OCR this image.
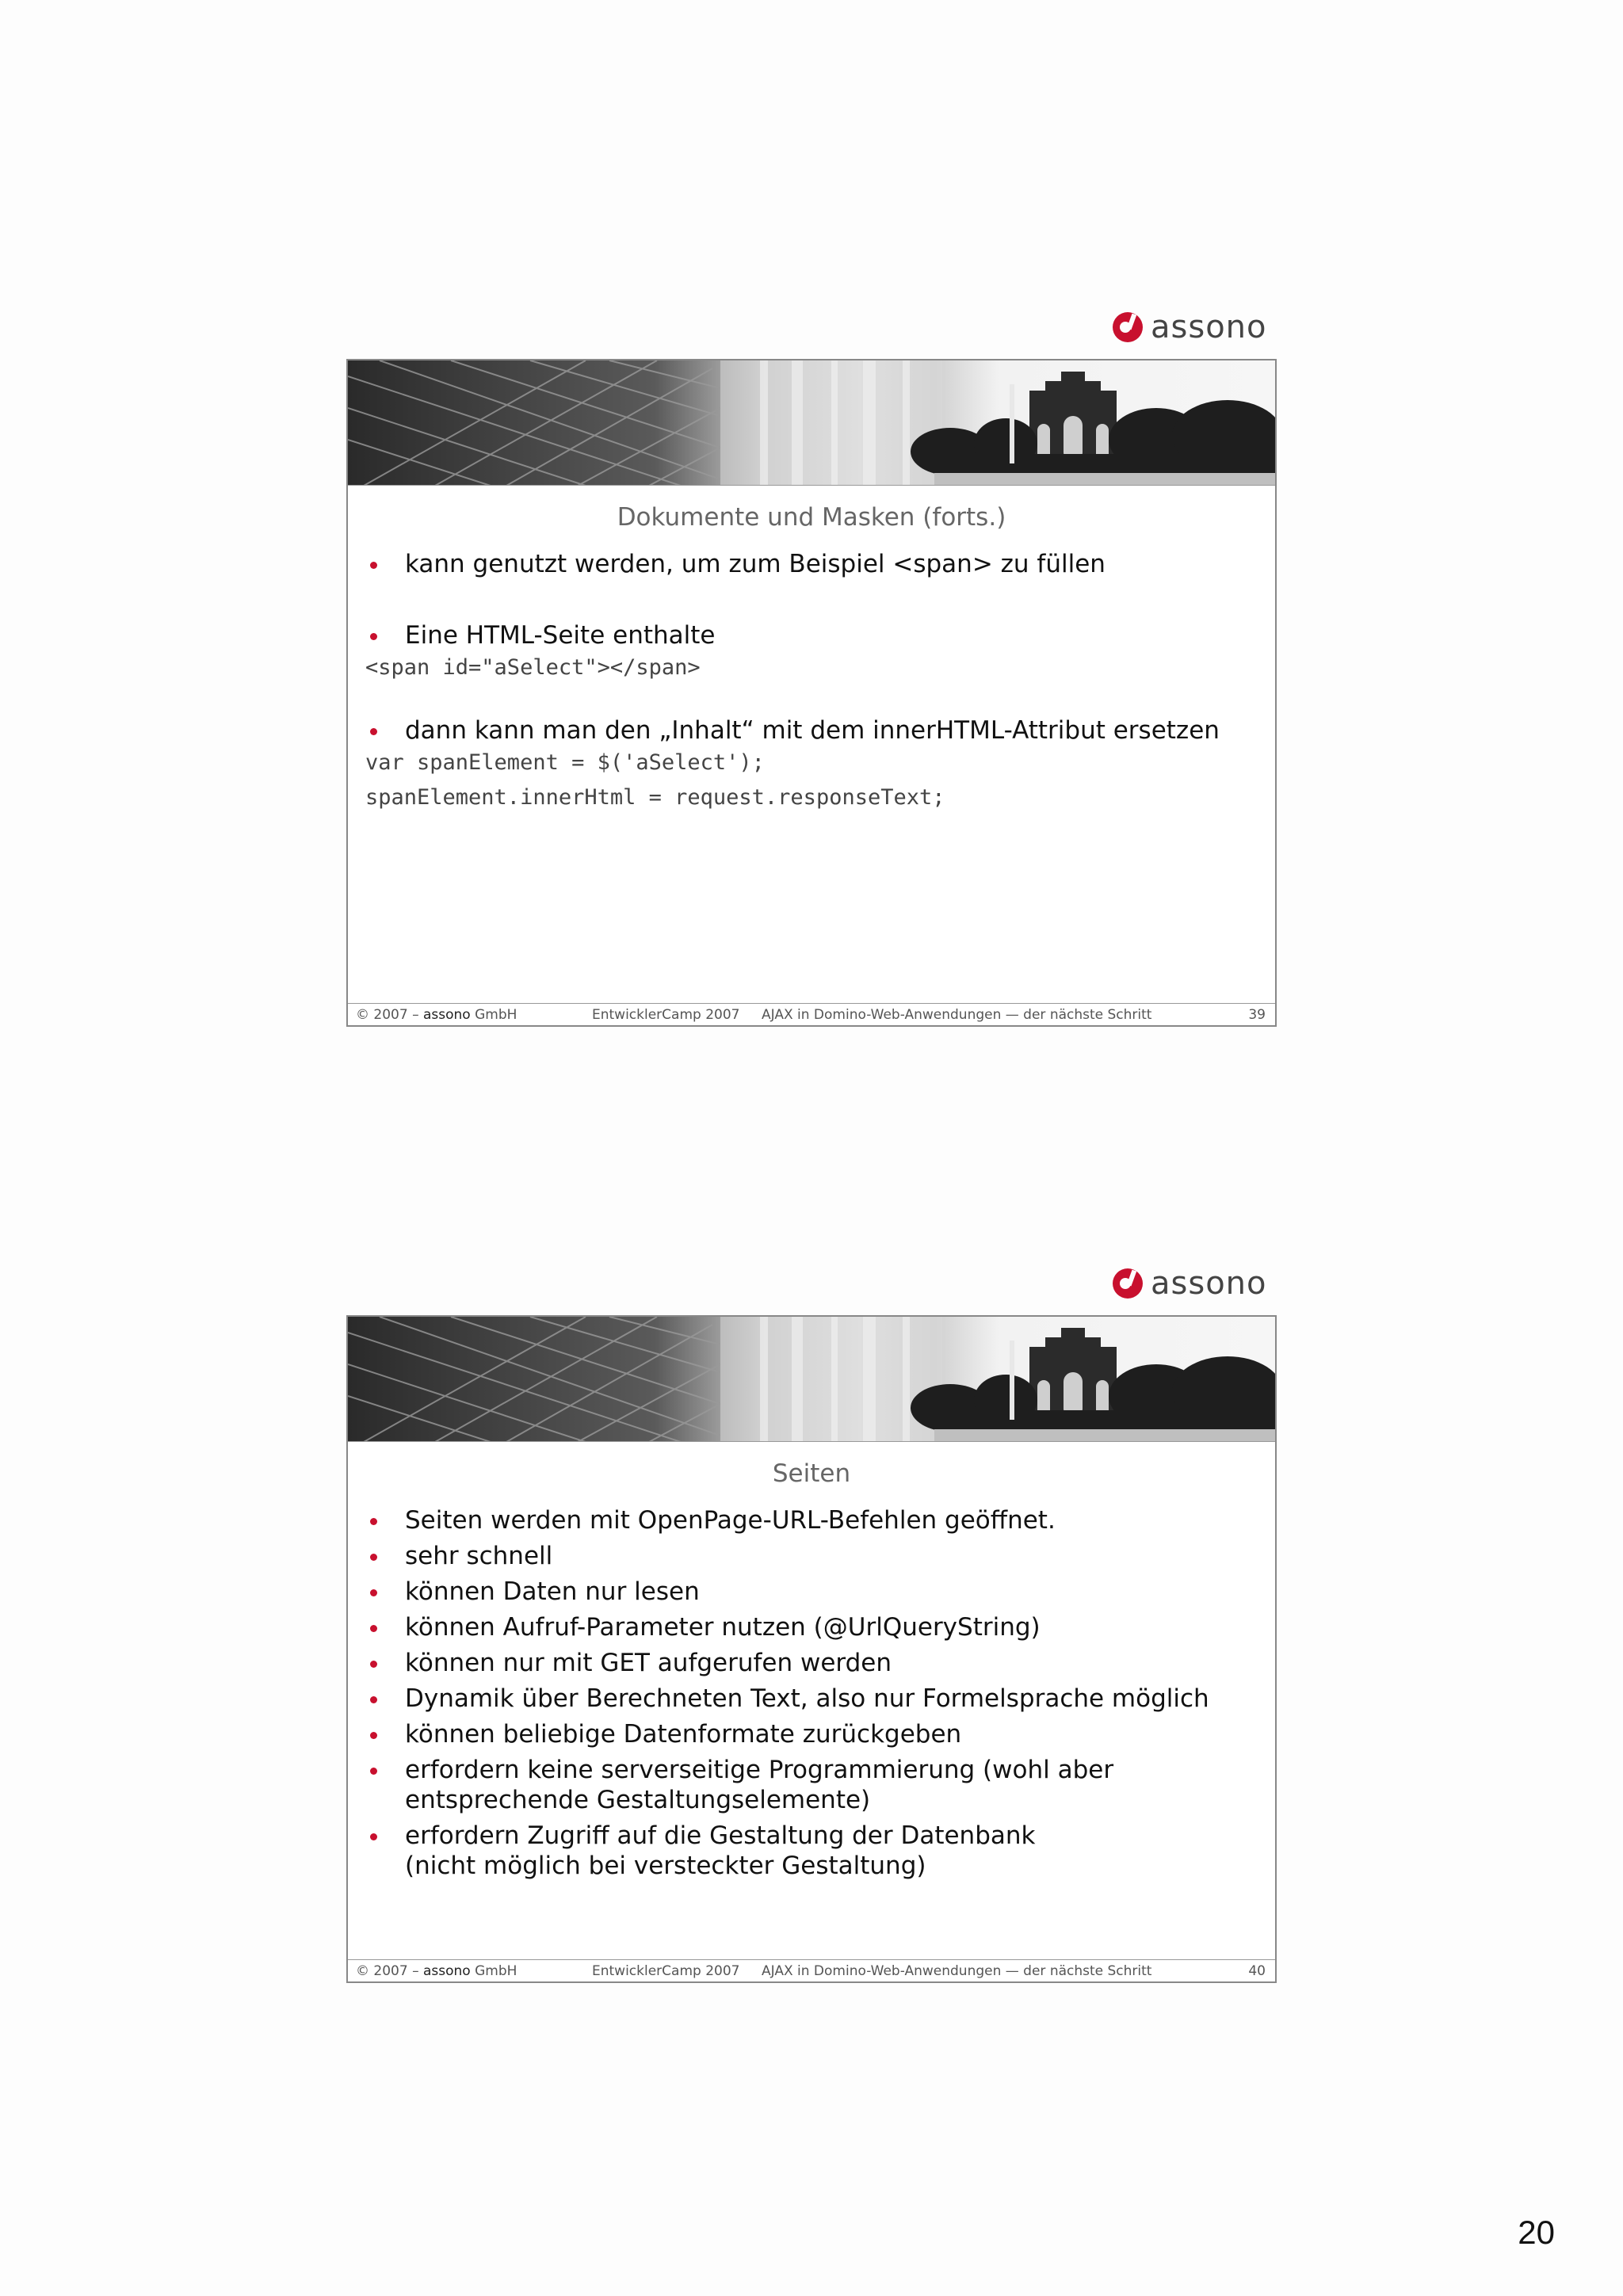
assono
Dokumente und Masken (forts.)
kann genutzt werden, um zum Beispiel <span> zu füllen
Eine HTML-Seite enthalte
<span id="aSelect"></span>
dann kann man den „Inhalt“ mit dem innerHTML-Attribut ersetzen
var spanElement = $('aSelect');
spanElement.innerHtml = request.responseText;
© 2007 – assono GmbH	EntwicklerCamp 2007 AJAX in Domino-Web-Anwendungen — der nächste Schritt	39
assono
Seiten
Seiten werden mit OpenPage-URL-Befehlen geöffnet.
sehr schnell
können Daten nur lesen
können Aufruf-Parameter nutzen (@UrlQueryString)
können nur mit GET aufgerufen werden
Dynamik über Berechneten Text, also nur Formelsprache möglich
können beliebige Datenformate zurückgeben
erfordern keine serverseitige Programmierung (wohl aber entsprechende Gestaltungselemente)
erfordern Zugriff auf die Gestaltung der Datenbank (nicht möglich bei versteckter Gestaltung)
© 2007 – assono GmbH	EntwicklerCamp 2007 AJAX in Domino-Web-Anwendungen — der nächste Schritt	40
20
